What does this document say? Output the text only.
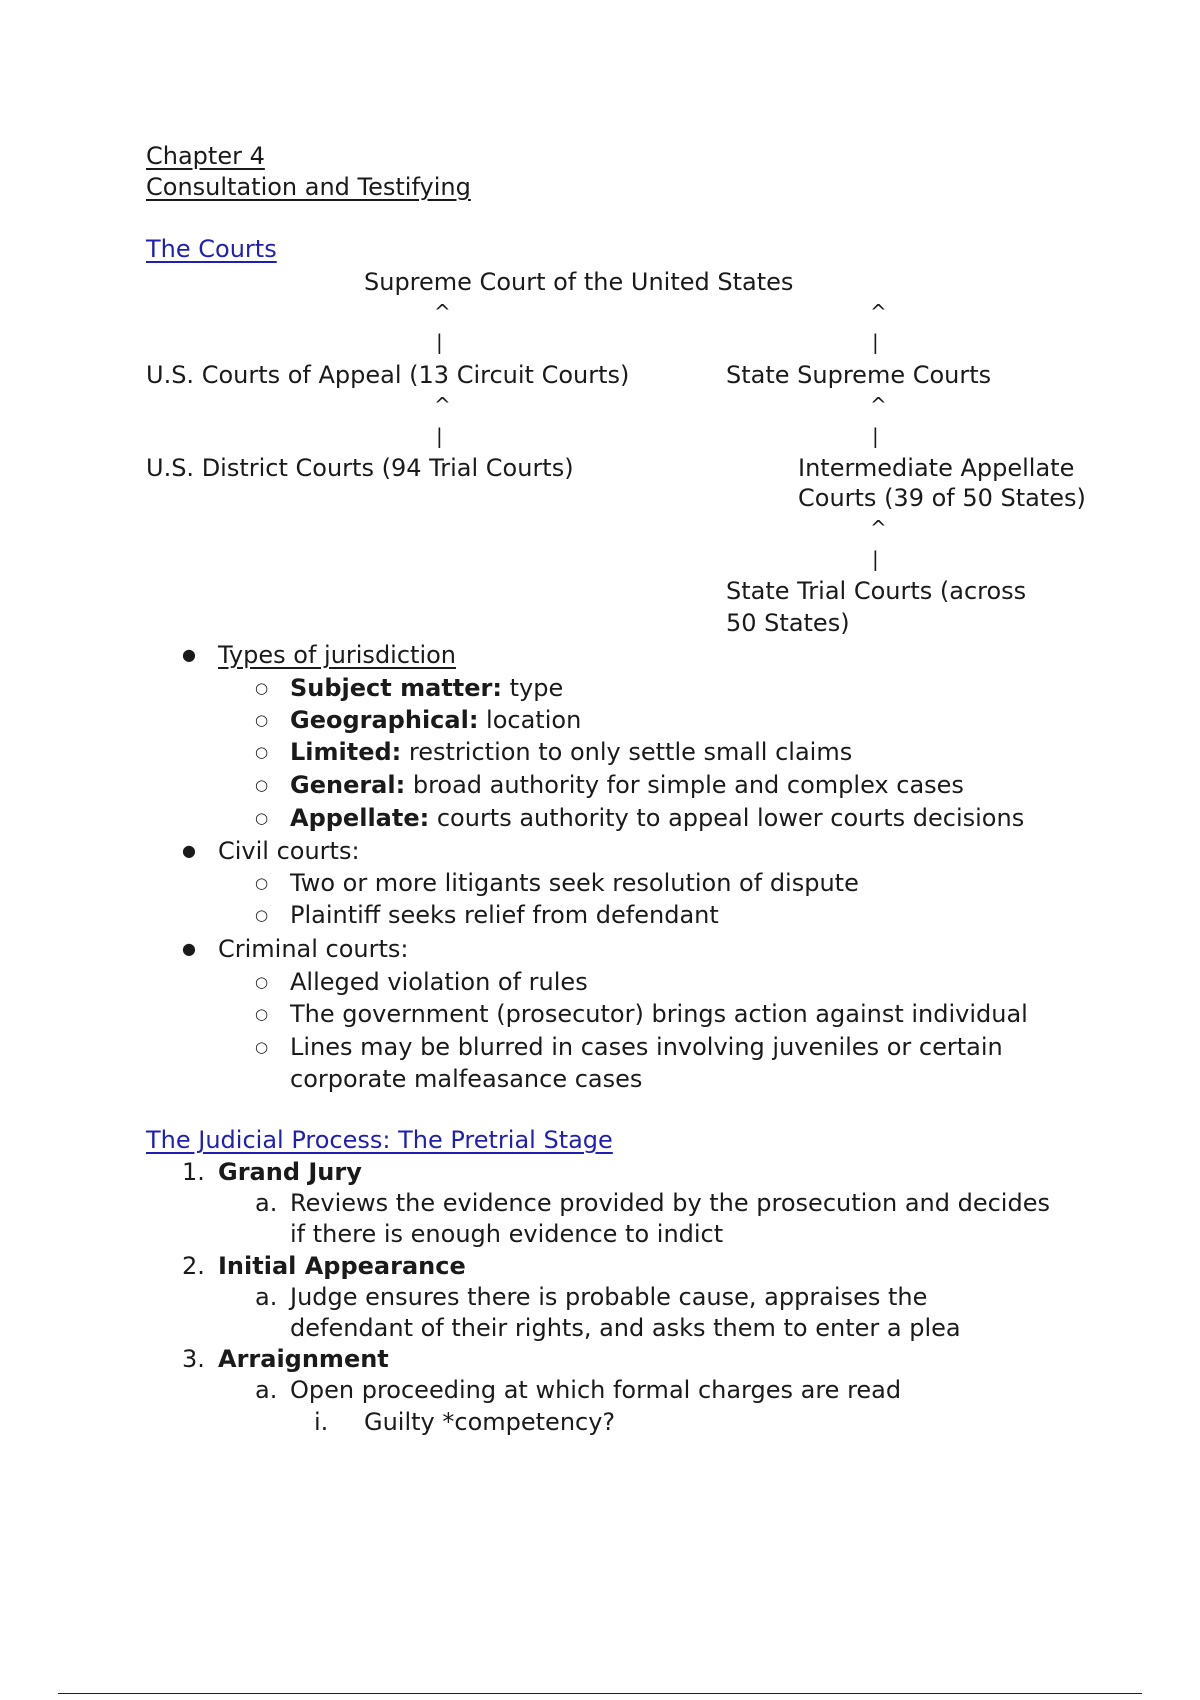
Chapter 4
Consultation and Testifying
The Courts
Supreme Court of the United States
^	^
|	|
U.S. Courts of Appeal (13 Circuit Courts)	State Supreme Courts
^	^
|	|
U.S. District Courts (94 Trial Courts)	Intermediate Appellate
Courts (39 of 50 States)
^
|
State Trial Courts (across
50 States)
● Types of jurisdiction
○ Subject matter: type
○ Geographical: location
○ Limited: restriction to only settle small claims
○ General: broad authority for simple and complex cases
○ Appellate: courts authority to appeal lower courts decisions
● Civil courts:
○ Two or more litigants seek resolution of dispute
○ Plaintiff seeks relief from defendant
● Criminal courts:
○ Alleged violation of rules
○ The government (prosecutor) brings action against individual
○ Lines may be blurred in cases involving juveniles or certain
corporate malfeasance cases
The Judicial Process: The Pretrial Stage
1. Grand Jury
a. Reviews the evidence provided by the prosecution and decides
if there is enough evidence to indict
2. Initial Appearance
a. Judge ensures there is probable cause, appraises the
defendant of their rights, and asks them to enter a plea
3. Arraignment
a. Open proceeding at which formal charges are read
i. Guilty *competency?
